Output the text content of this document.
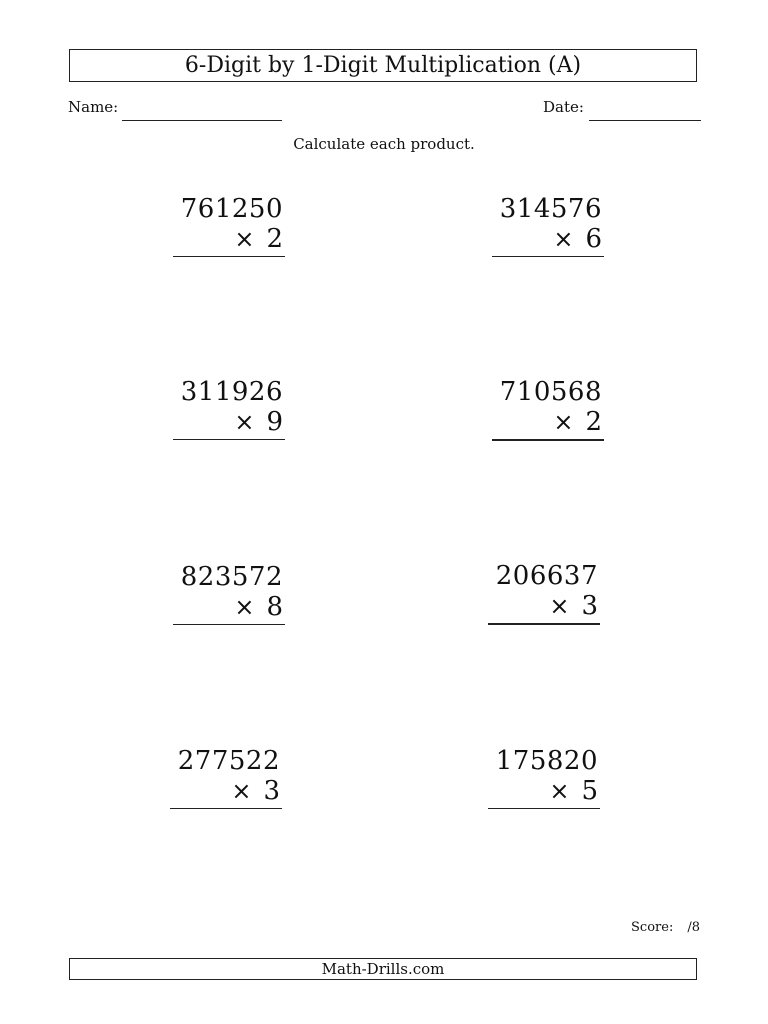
6-Digit by 1-Digit Multiplication (A)
Name:	Date:
Calculate each product.
761250
× 2
314576
× 6
311926
× 9
710568
× 2
823572
× 8
206637
× 3
277522
× 3
175820
× 5
Score: /8
Math-Drills.com
